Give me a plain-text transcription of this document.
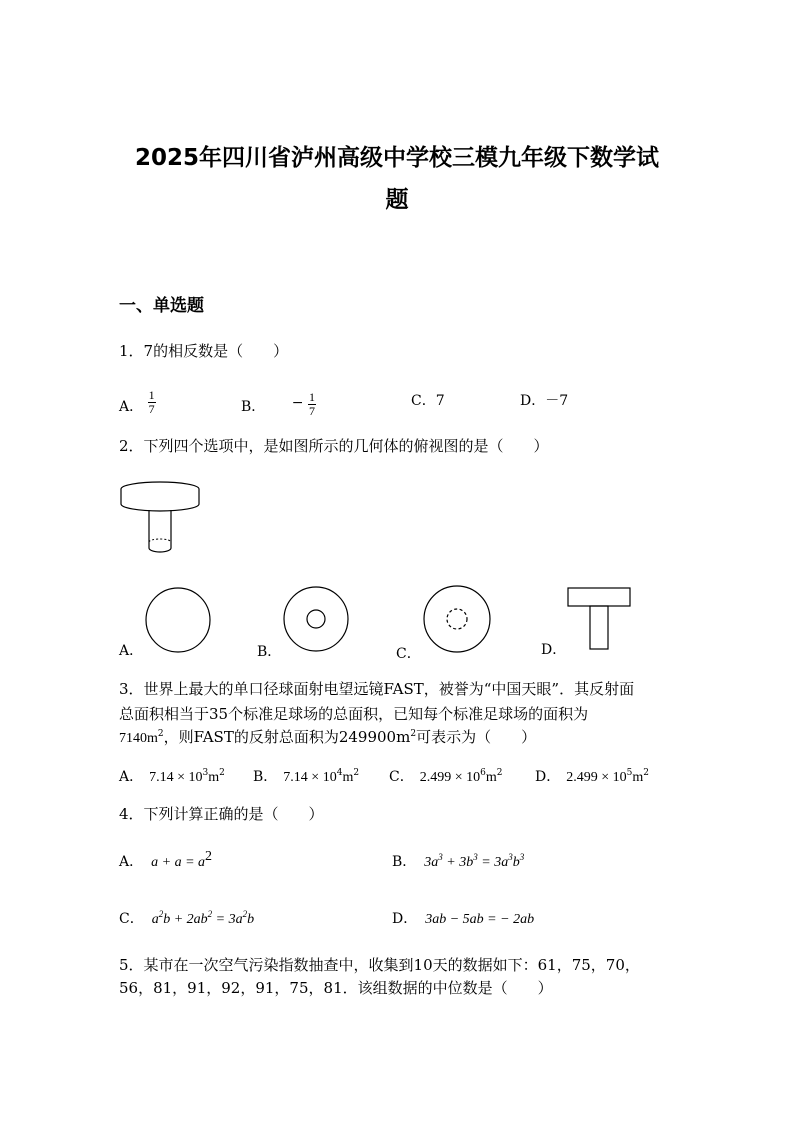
2025年四川省泸州高级中学校三模九年级下数学试
题
一、单选题
1．7的相反数是（　　）
A． $\frac{1}{7}$	B． − $\frac{1}{7}$	C．7	D．－7
2．下列四个选项中，是如图所示的几何体的俯视图的是（　　）
A．	B．	C．	D．
3．世界上最大的单口径球面射电望远镜FAST，被誉为“中国天眼”．其反射面
总面积相当于35个标准足球场的总面积，已知每个标准足球场的面积为
$7140m^2$，则FAST的反射总面积为$249900m^2$可表示为（　　）
A． $7.14 \times 10^3m^2$ B． $7.14 \times 10^4m^2$ C． $2.499 \times 10^6m^2$ D． $2.499 \times 10^5m^2$
4．下列计算正确的是（　　）
A． $a + a = a^2$	B． $3a^3 + 3b^3 = 3a^3b^3$
C． $a^2b + 2ab^2 = 3a^2b$	D． 3ab − 5ab = − 2ab
5．某市在一次空气污染指数抽查中，收集到10天的数据如下：61，75，70，
56，81，91，92，91，75，81．该组数据的中位数是（　　）
